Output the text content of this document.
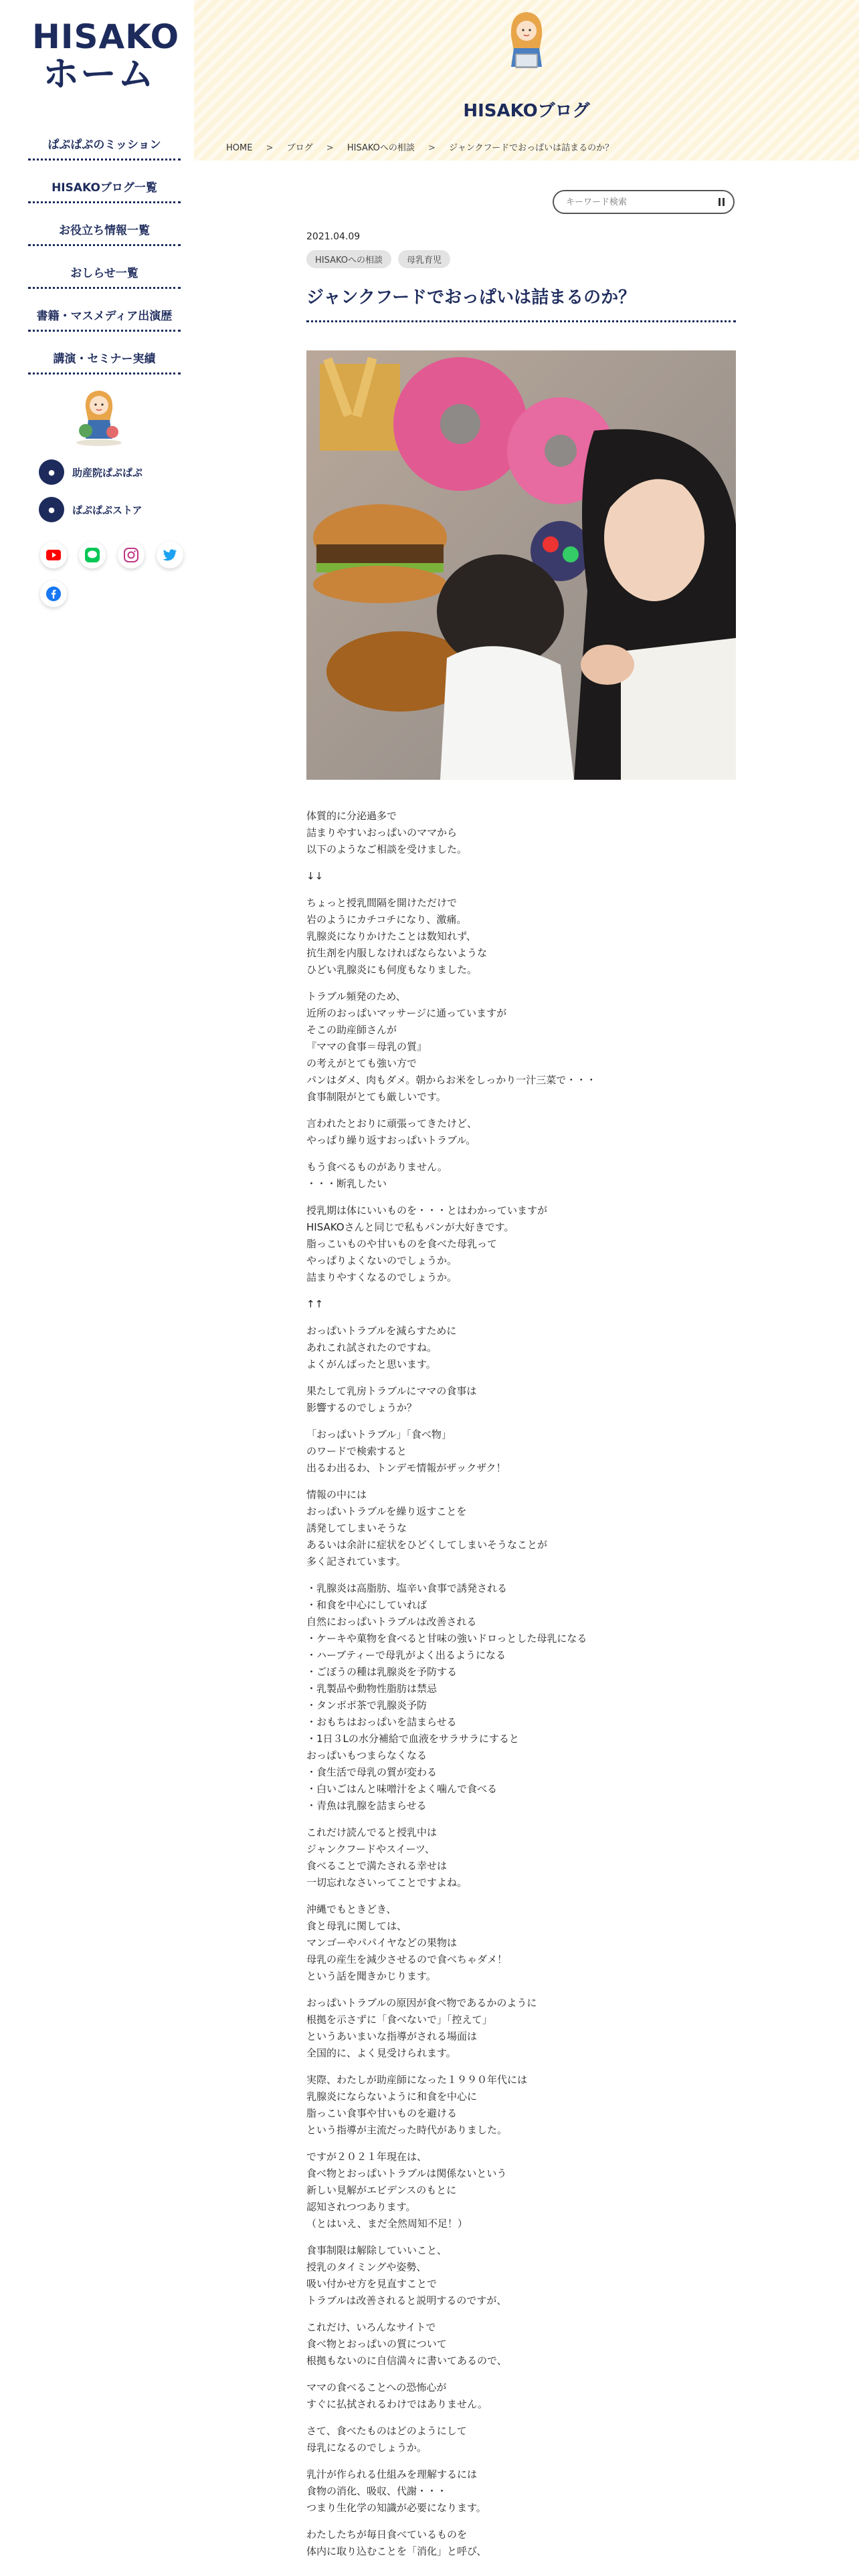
HISAKO
ホーム
ぱぷぱぷのミッション
HISAKOブログ一覧
お役立ち情報一覧
おしらせ一覧
書籍・マスメディア出演歴
講演・セミナー実績
●	助産院ぱぷぱぷ
●	ぱぷぱぷストア
HISAKOブログ
HOME > ブログ > HISAKOへの相談 > ジャンクフードでおっぱいは詰まるのか？
キーワード検索
2021.04.09
HISAKOへの相談	母乳育児
ジャンクフードでおっぱいは詰まるのか？

体質的に分泌過多で
詰まりやすいおっぱいのママから
以下のようなご相談を受けました。

↓↓

ちょっと授乳間隔を開けただけで
岩のようにカチコチになり、激痛。
乳腺炎になりかけたことは数知れず、
抗生剤を内服しなければならないような
ひどい乳腺炎にも何度もなりました。

トラブル頻発のため、
近所のおっぱいマッサージに通っていますが
そこの助産師さんが
『ママの食事＝母乳の質』
の考えがとても強い方で
パンはダメ、肉もダメ。朝からお米をしっかり一汁三菜で・・・
食事制限がとても厳しいです。

言われたとおりに頑張ってきたけど、
やっぱり繰り返すおっぱいトラブル。

もう食べるものがありません。
・・・断乳したい

授乳期は体にいいものを・・・とはわかっていますが
HISAKOさんと同じで私もパンが大好きです。
脂っこいものや甘いものを食べた母乳って
やっぱりよくないのでしょうか。
詰まりやすくなるのでしょうか。

↑↑

おっぱいトラブルを減らすために
あれこれ試されたのですね。
よくがんばったと思います。

果たして乳房トラブルにママの食事は
影響するのでしょうか？

「おっぱいトラブル」「食べ物」
のワードで検索すると
出るわ出るわ、トンデモ情報がザックザク！

情報の中には
おっぱいトラブルを繰り返すことを
誘発してしまいそうな
あるいは余計に症状をひどくしてしまいそうなことが
多く記されています。

・乳腺炎は高脂肪、塩辛い食事で誘発される
・和食を中心にしていれば
自然におっぱいトラブルは改善される
・ケーキや菓物を食べると甘味の強いドロっとした母乳になる
・ハーブティーで母乳がよく出るようになる
・ごぼうの種は乳腺炎を予防する
・乳製品や動物性脂肪は禁忌
・タンポポ茶で乳腺炎予防
・おもちはおっぱいを詰まらせる
・1日３Lの水分補給で血液をサラサラにすると
おっぱいもつまらなくなる
・食生活で母乳の質が変わる
・白いごはんと味噌汁をよく噛んで食べる
・青魚は乳腺を詰まらせる

これだけ読んでると授乳中は
ジャンクフードやスイーツ、
食べることで満たされる幸せは
一切忘れなさいってことですよね。

沖縄でもときどき、
食と母乳に関しては、
マンゴーやパパイヤなどの果物は
母乳の産生を減少させるので食べちゃダメ！
という話を聞きかじります。

おっぱいトラブルの原因が食べ物であるかのように
根拠を示さずに「食べないで」「控えて」
というあいまいな指導がされる場面は
全国的に、よく見受けられます。

実際、わたしが助産師になった１９９０年代には
乳腺炎にならないように和食を中心に
脂っこい食事や甘いものを避ける
という指導が主流だった時代がありました。

ですが２０２１年現在は、
食べ物とおっぱいトラブルは関係ないという
新しい見解がエビデンスのもとに
認知されつつあります。
（とはいえ、まだ全然周知不足！）

食事制限は解除していいこと、
授乳のタイミングや姿勢、
吸い付かせ方を見直すことで
トラブルは改善されると説明するのですが、

これだけ、いろんなサイトで
食べ物とおっぱいの質について
根拠もないのに自信満々に書いてあるので、

ママの食べることへの恐怖心が
すぐに払拭されるわけではありません。

さて、食べたものはどのようにして
母乳になるのでしょうか。

乳汁が作られる仕組みを理解するには
食物の消化、吸収、代謝・・・
つまり生化学の知識が必要になります。

わたしたちが毎日食べているものを
体内に取り込むことを「消化」と呼び、
